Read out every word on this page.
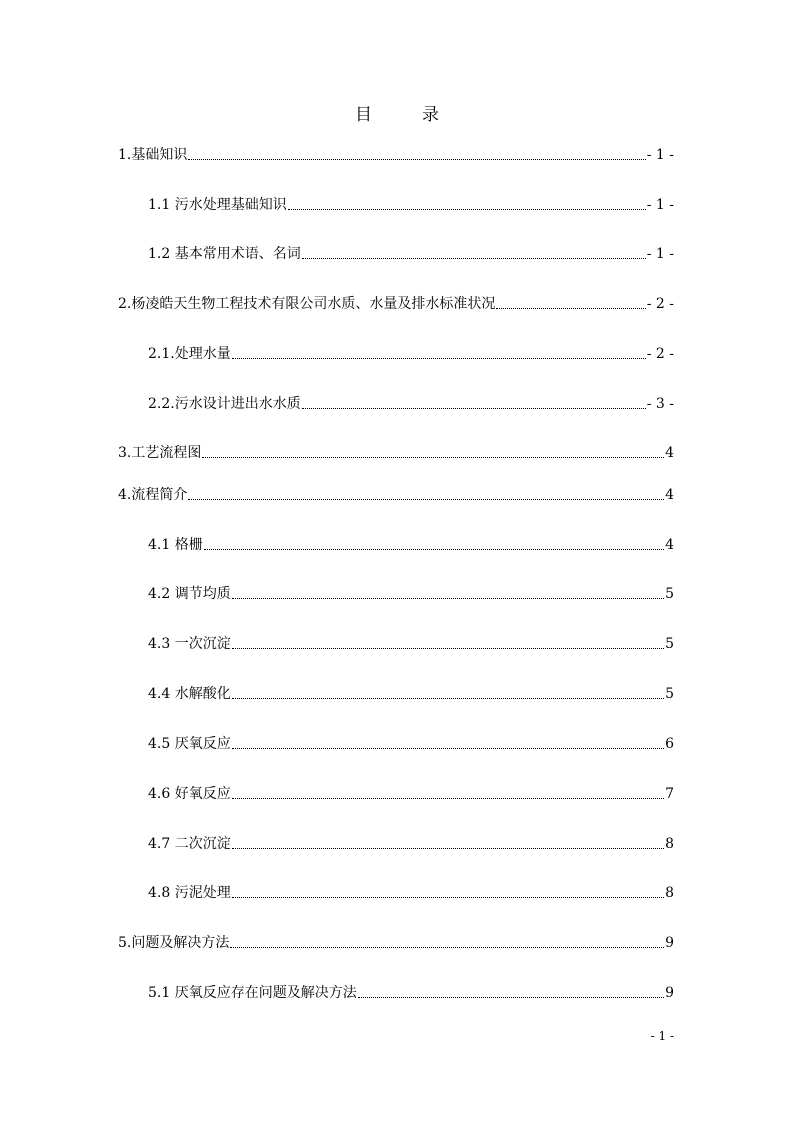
目	录
1.基础知识	- 1 -
1.1 污水处理基础知识	- 1 -
1.2 基本常用术语、名词	- 1 -
2.杨凌皓天生物工程技术有限公司水质、水量及排水标准状况	- 2 -
2.1.处理水量	- 2 -
2.2.污水设计进出水水质	- 3 -
3.工艺流程图	4
4.流程简介	4
4.1 格栅	4
4.2 调节均质	5
4.3 一次沉淀	5
4.4 水解酸化	5
4.5 厌氧反应	6
4.6 好氧反应	7
4.7 二次沉淀	8
4.8 污泥处理	8
5.问题及解决方法	9
5.1 厌氧反应存在问题及解决方法	9
- 1 -
